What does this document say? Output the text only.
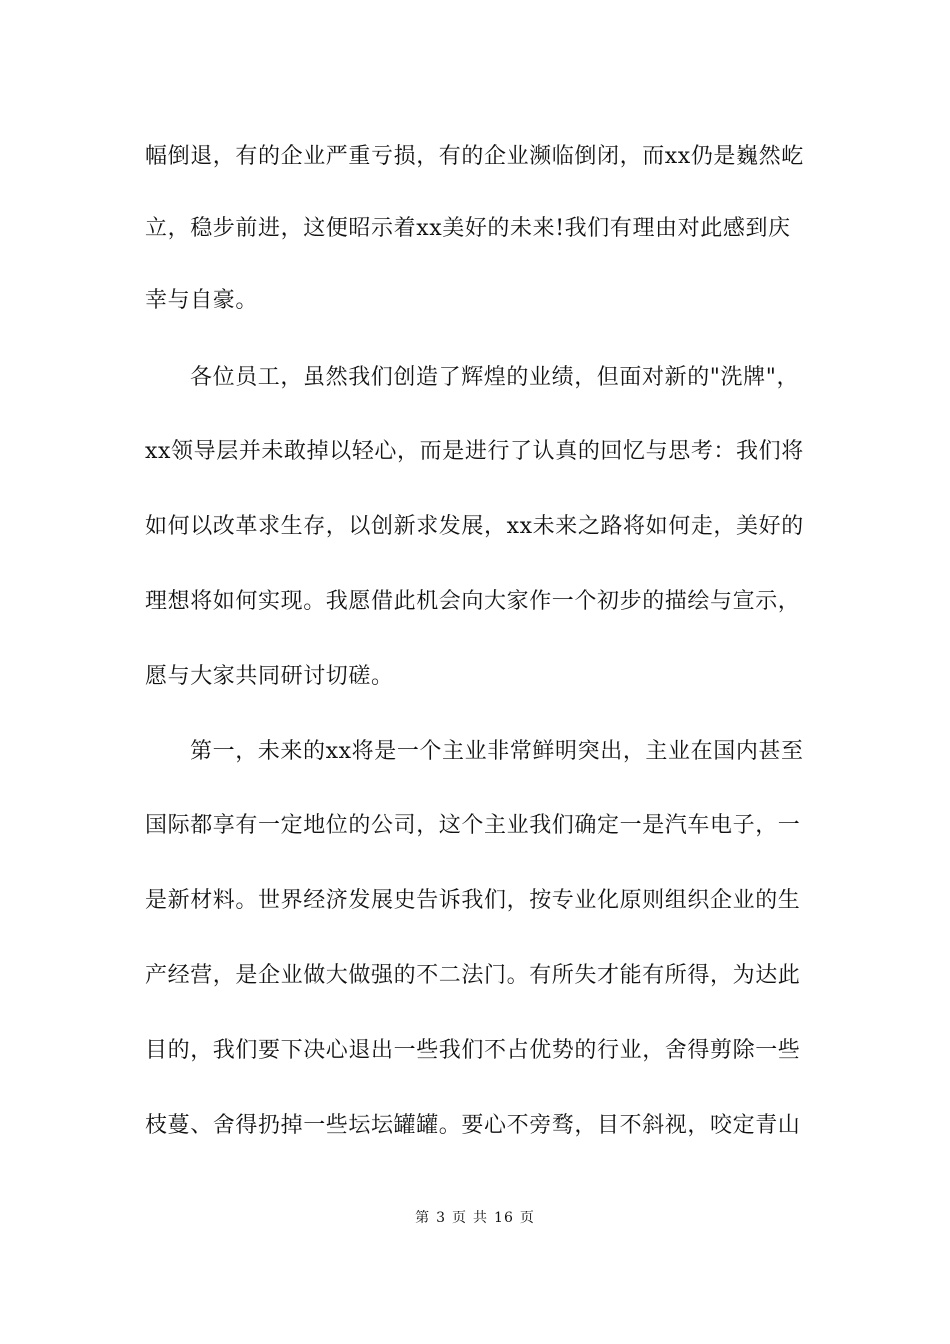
幅倒退，有的企业严重亏损，有的企业濒临倒闭，而xx仍是巍然屹
立，稳步前进，这便昭示着xx美好的未来!我们有理由对此感到庆
幸与自豪。
各位员工，虽然我们创造了辉煌的业绩，但面对新的"洗牌"，
xx领导层并未敢掉以轻心，而是进行了认真的回忆与思考：我们将
如何以改革求生存，以创新求发展，xx未来之路将如何走，美好的
理想将如何实现。我愿借此机会向大家作一个初步的描绘与宣示，
愿与大家共同研讨切磋。
第一，未来的xx将是一个主业非常鲜明突出，主业在国内甚至
国际都享有一定地位的公司，这个主业我们确定一是汽车电子，一
是新材料。世界经济发展史告诉我们，按专业化原则组织企业的生
产经营，是企业做大做强的不二法门。有所失才能有所得，为达此
目的，我们要下决心退出一些我们不占优势的行业，舍得剪除一些
枝蔓、舍得扔掉一些坛坛罐罐。要心不旁骛，目不斜视，咬定青山
第 3 页 共 16 页
